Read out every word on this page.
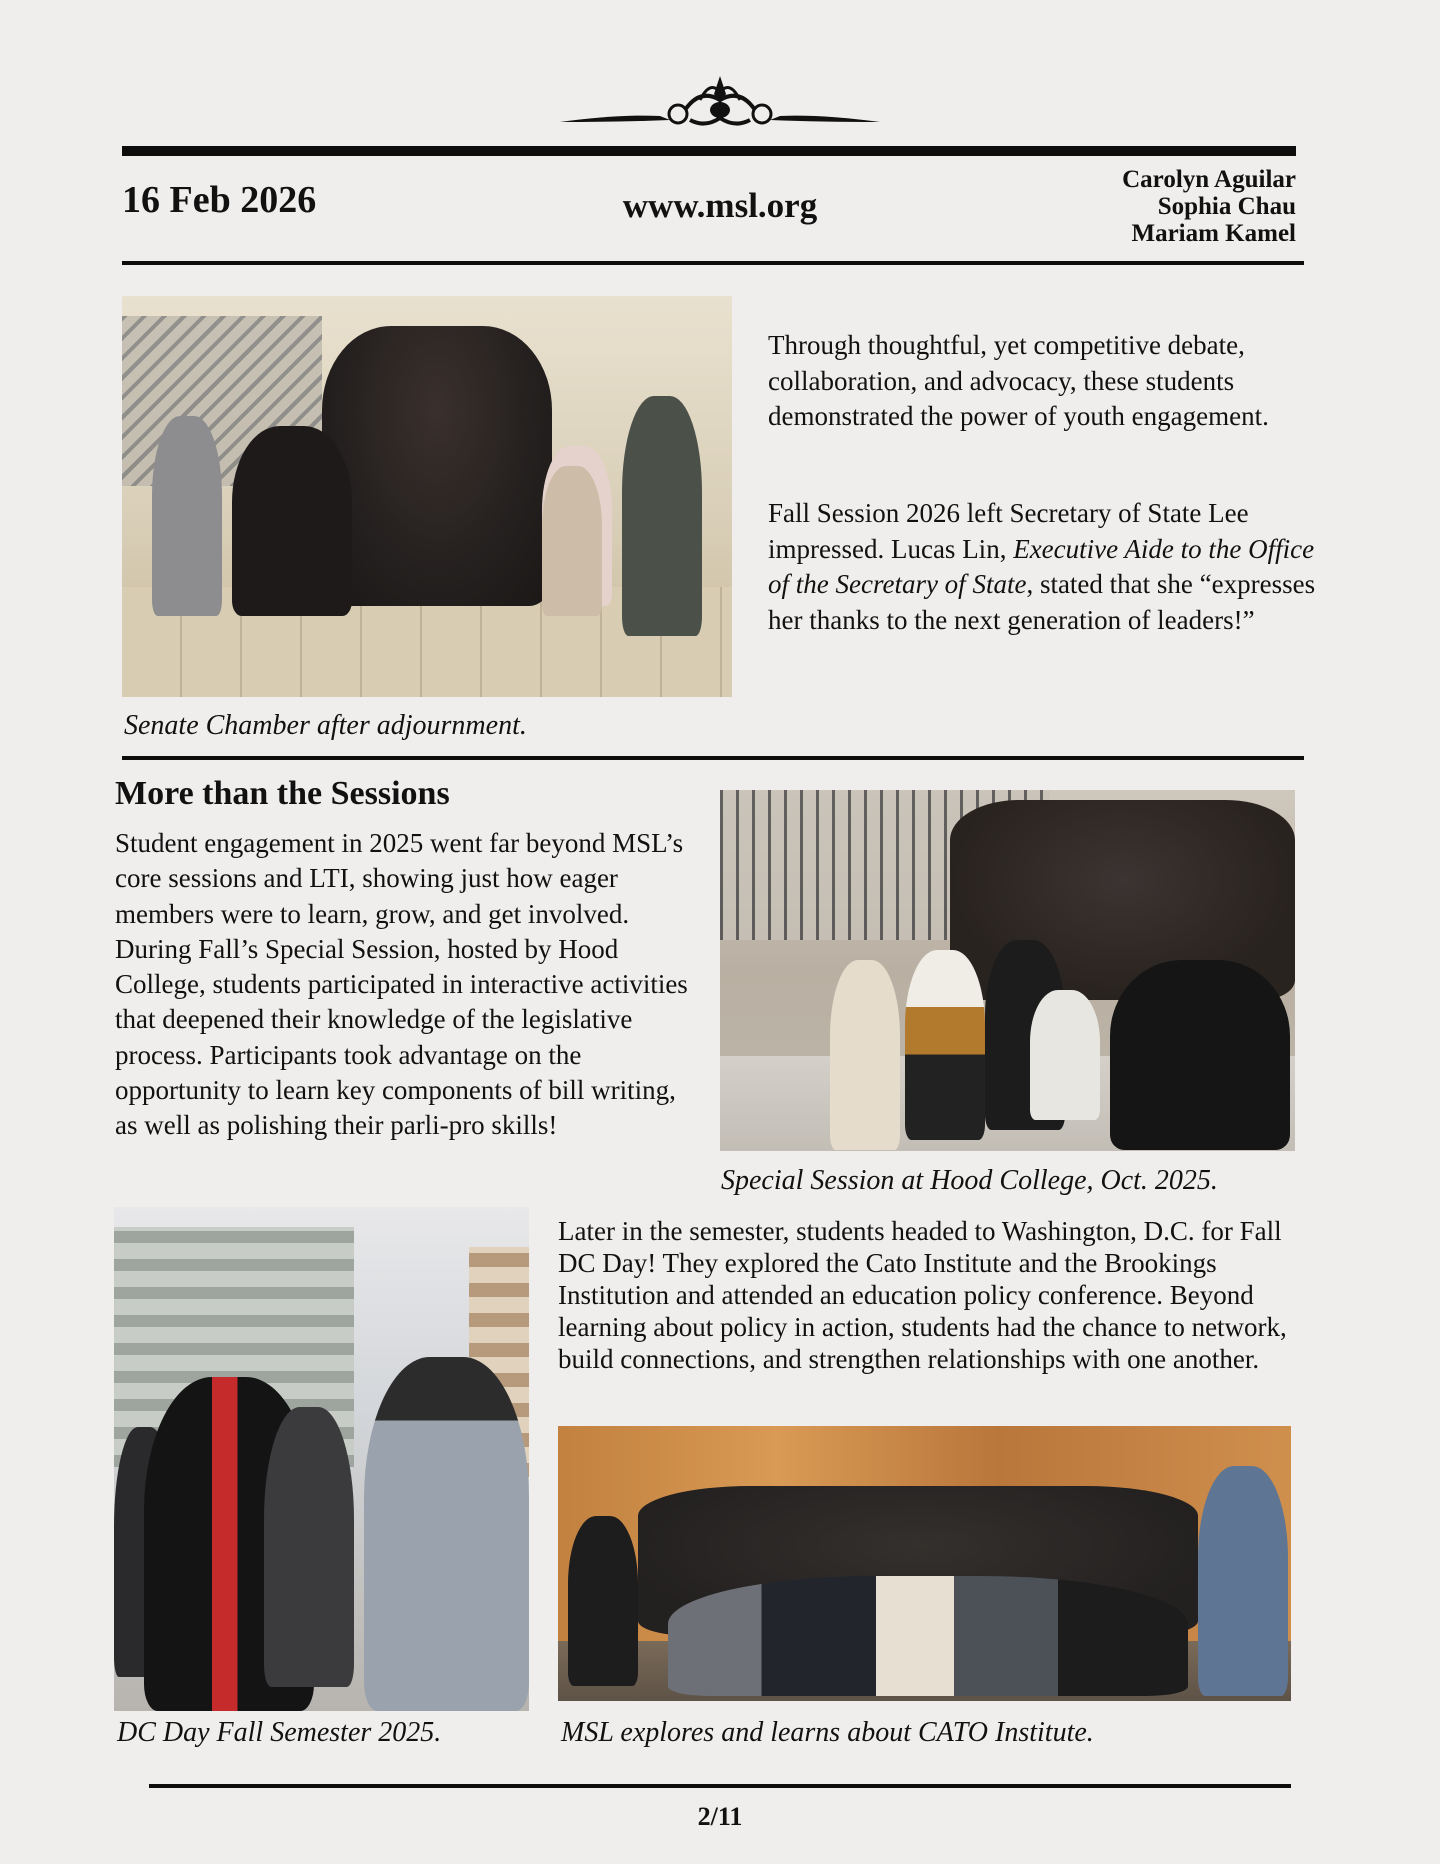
16 Feb 2026	www.msl.org
Carolyn Aguilar
Sophia Chau
Mariam Kamel
Senate Chamber after adjournment.
Through thoughtful, yet competitive debate, collaboration, and advocacy, these students demonstrated the power of youth engagement.
Fall Session 2026 left Secretary of State Lee impressed. Lucas Lin, Executive Aide to the Office of the Secretary of State, stated that she “expresses her thanks to the next generation of leaders!”
More than the Sessions
Student engagement in 2025 went far beyond MSL’s core sessions and LTI, showing just how eager members were to learn, grow, and get involved. During Fall’s Special Session, hosted by Hood College, students participated in interactive activities that deepened their knowledge of the legislative process. Participants took advantage on the opportunity to learn key components of bill writing, as well as polishing their parli-pro skills!
Special Session at Hood College, Oct. 2025.
DC Day Fall Semester 2025.
Later in the semester, students headed to Washington, D.C. for Fall DC Day! They explored the Cato Institute and the Brookings Institution and attended an education policy conference. Beyond learning about policy in action, students had the chance to network, build connections, and strengthen relationships with one another.
MSL explores and learns about CATO Institute.
2/11
